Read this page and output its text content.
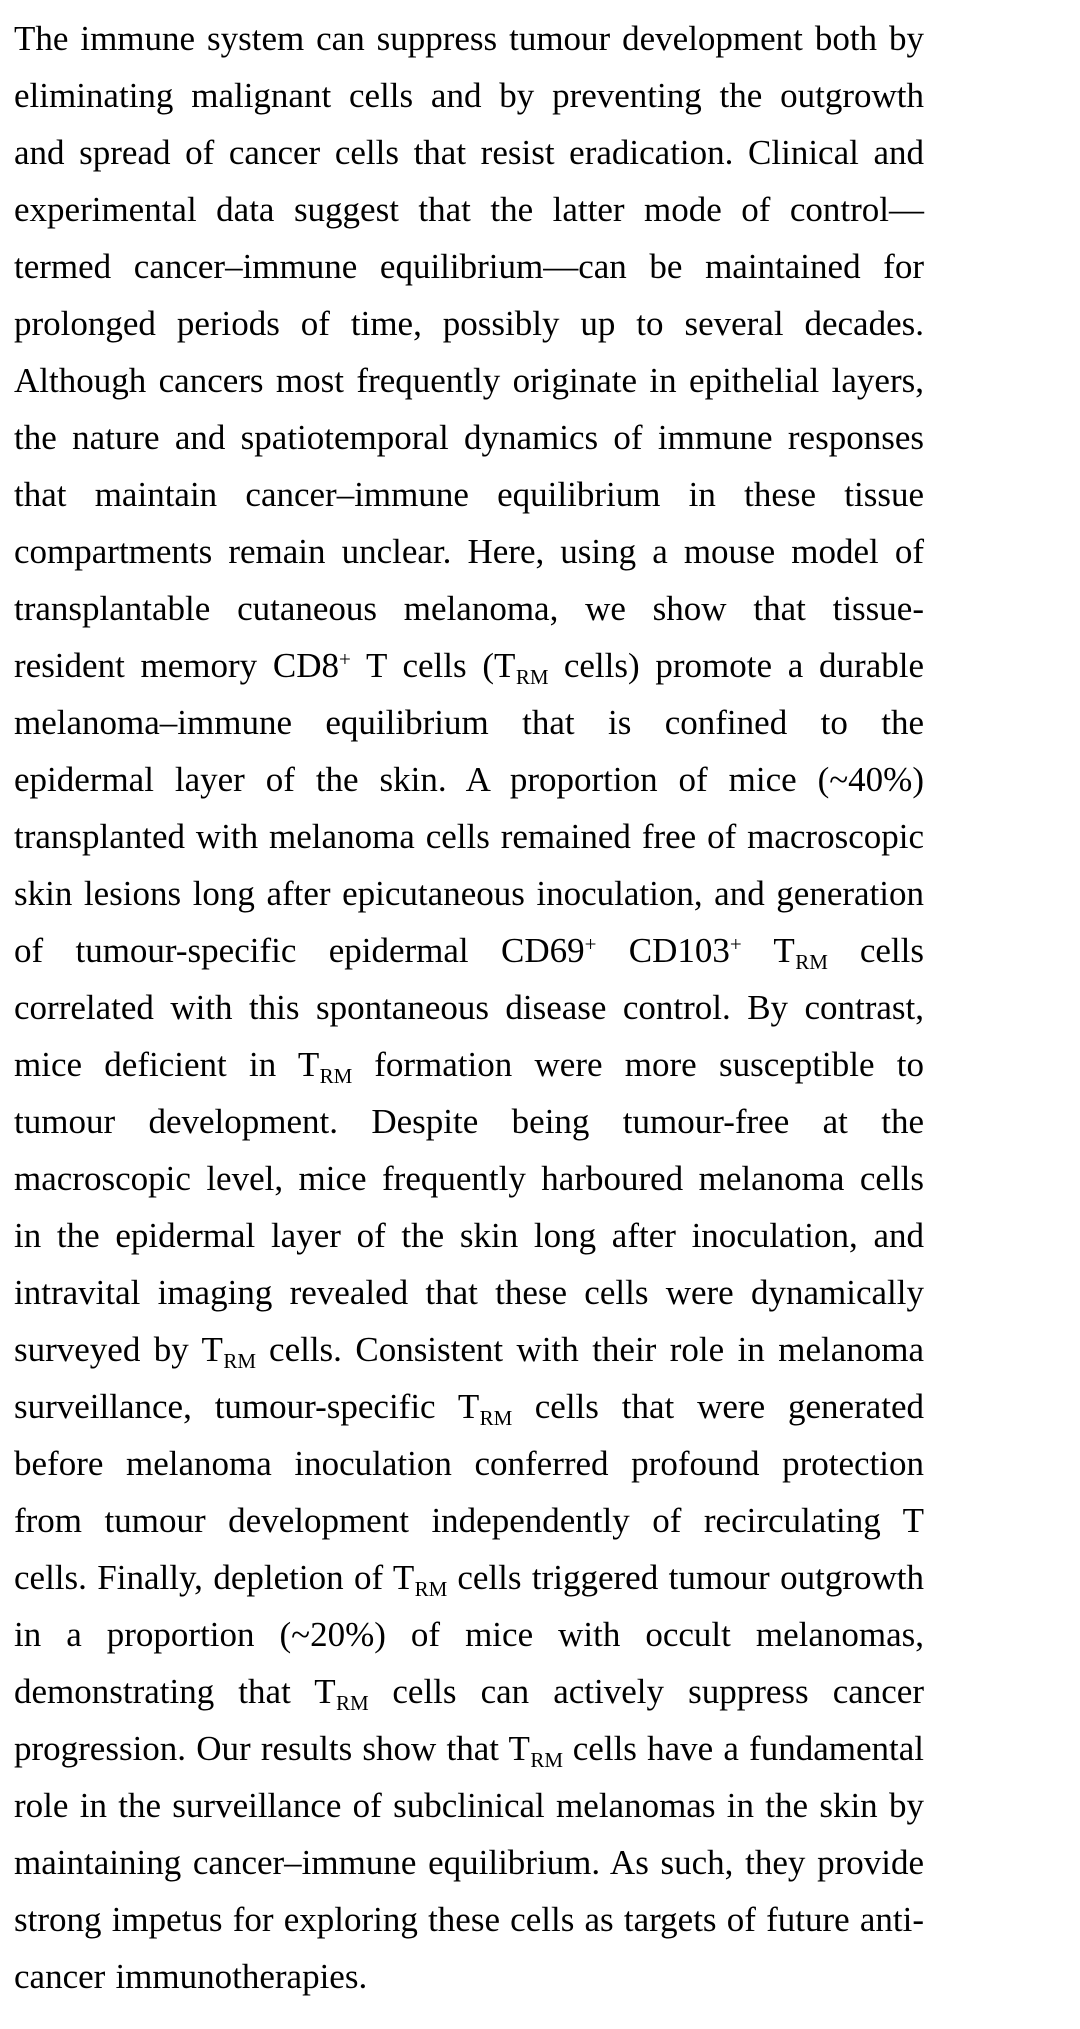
The immune system can suppress tumour development both by eliminating malignant cells and by preventing the outgrowth and spread of cancer cells that resist eradication. Clinical and experimental data suggest that the latter mode of control—termed cancer–immune equilibrium—can be maintained for prolonged periods of time, possibly up to several decades. Although cancers most frequently originate in epithelial layers, the nature and spatiotemporal dynamics of immune responses that maintain cancer–immune equilibrium in these tissue compartments remain unclear. Here, using a mouse model of transplantable cutaneous melanoma, we show that tissue-resident memory CD8+ T cells ($T_{RM}$ cells) promote a durable melanoma–immune equilibrium that is confined to the epidermal layer of the skin. A proportion of mice (~40%) transplanted with melanoma cells remained free of macroscopic skin lesions long after epicutaneous inoculation, and generation of tumour-specific epidermal CD69+ CD103+ $T_{RM}$ cells correlated with this spontaneous disease control. By contrast, mice deficient in $T_{RM}$ formation were more susceptible to tumour development. Despite being tumour-free at the macroscopic level, mice frequently harboured melanoma cells in the epidermal layer of the skin long after inoculation, and intravital imaging revealed that these cells were dynamically surveyed by $T_{RM}$ cells. Consistent with their role in melanoma surveillance, tumour-specific $T_{RM}$ cells that were generated before melanoma inoculation conferred profound protection from tumour development independently of recirculating T cells. Finally, depletion of $T_{RM}$ cells triggered tumour outgrowth in a proportion (~20%) of mice with occult melanomas, demonstrating that $T_{RM}$ cells can actively suppress cancer progression. Our results show that $T_{RM}$ cells have a fundamental role in the surveillance of subclinical melanomas in the skin by maintaining cancer–immune equilibrium. As such, they provide strong impetus for exploring these cells as targets of future anti-cancer immunotherapies.
